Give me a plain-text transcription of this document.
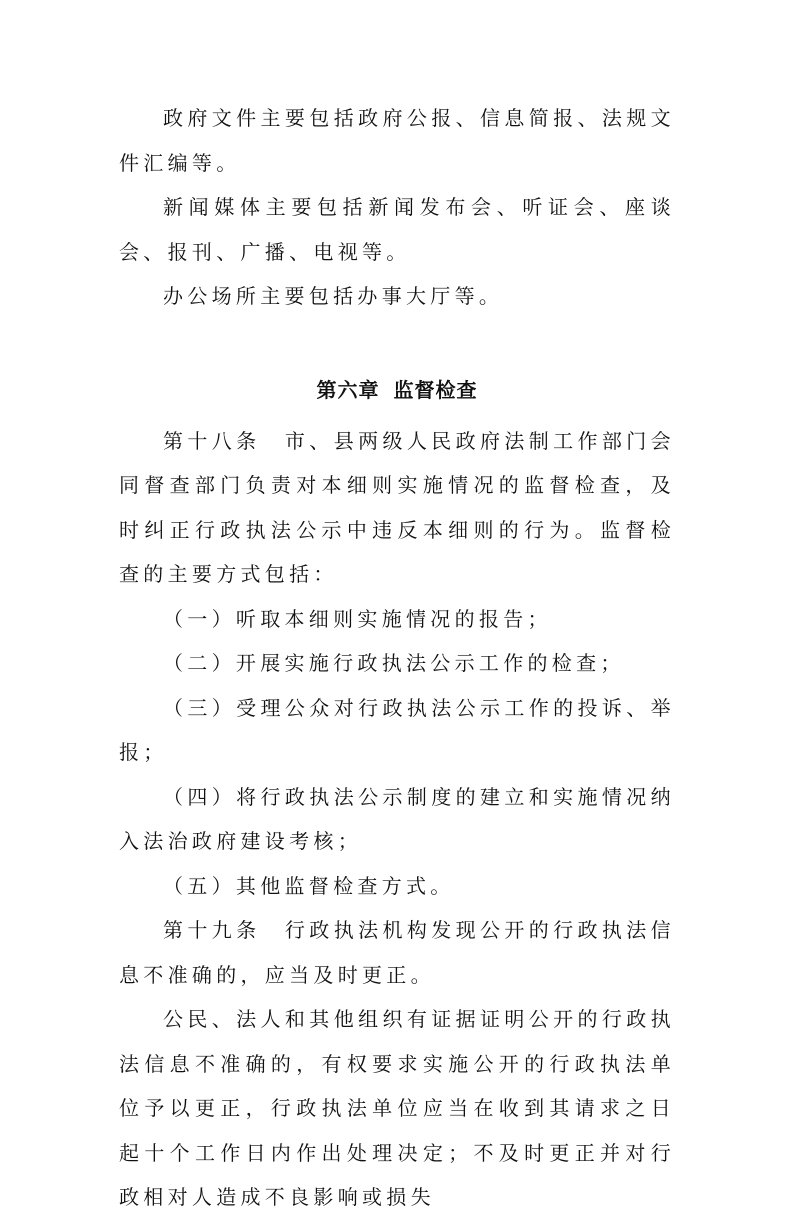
政府文件主要包括政府公报、信息简报、法规文件汇编等。

新闻媒体主要包括新闻发布会、听证会、座谈会、报刊、广播、电视等。

办公场所主要包括办事大厅等。

第六章 监督检查

第十八条　市、县两级人民政府法制工作部门会同督查部门负责对本细则实施情况的监督检查，及时纠正行政执法公示中违反本细则的行为。监督检查的主要方式包括：

（一）听取本细则实施情况的报告；

（二）开展实施行政执法公示工作的检查；

（三）受理公众对行政执法公示工作的投诉、举报；

（四）将行政执法公示制度的建立和实施情况纳入法治政府建设考核；

（五）其他监督检查方式。

第十九条　行政执法机构发现公开的行政执法信息不准确的，应当及时更正。

公民、法人和其他组织有证据证明公开的行政执法信息不准确的，有权要求实施公开的行政执法单位予以更正，行政执法单位应当在收到其请求之日起十个工作日内作出处理决定；不及时更正并对行政相对人造成不良影响或损失
